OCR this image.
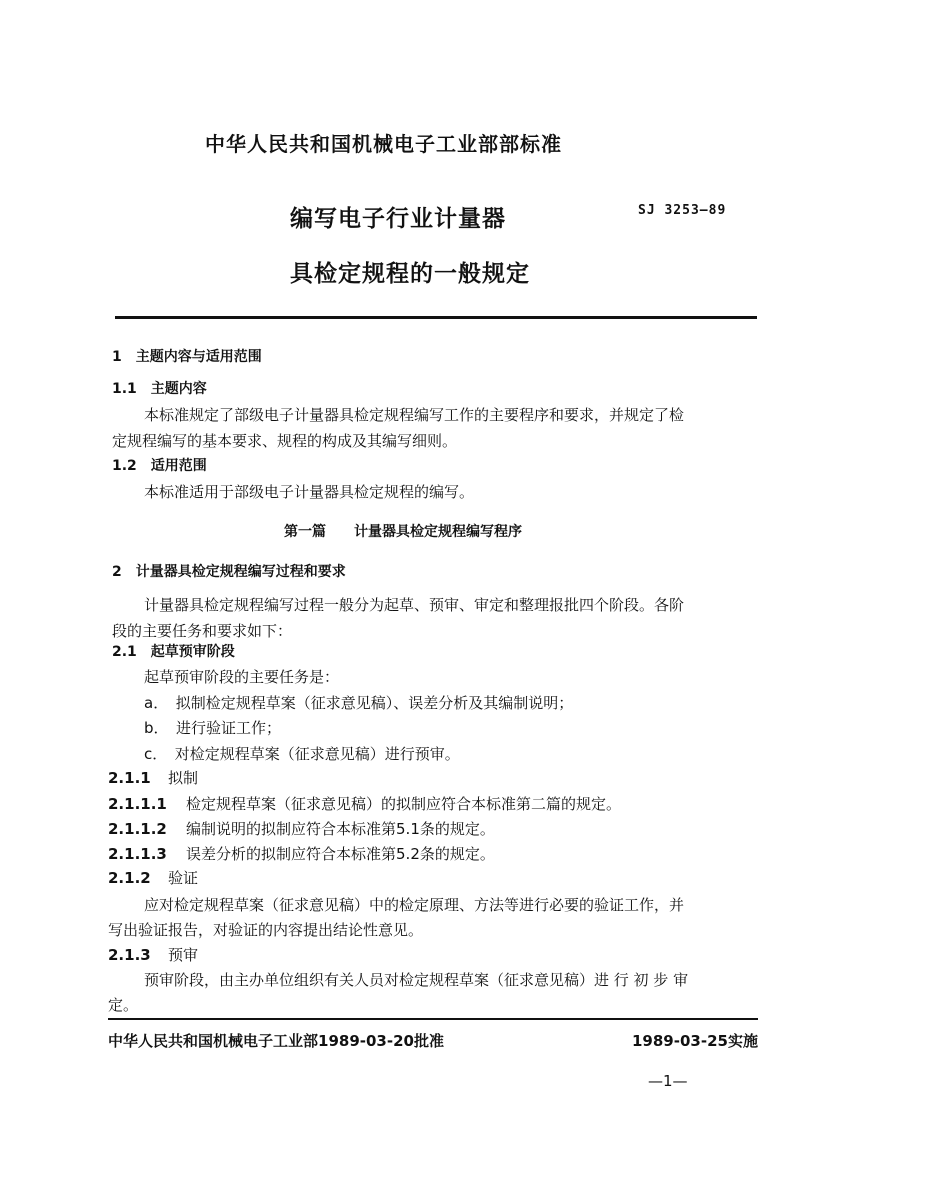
中华人民共和国机械电子工业部部标准
编写电子行业计量器	SJ 3253—89
具检定规程的一般规定
1　主题内容与适用范围
1.1　主题内容
本标准规定了部级电子计量器具检定规程编写工作的主要程序和要求，并规定了检
定规程编写的基本要求、规程的构成及其编写细则。
1.2　适用范围
本标准适用于部级电子计量器具检定规程的编写。
第一篇　　计量器具检定规程编写程序
2　计量器具检定规程编写过程和要求
计量器具检定规程编写过程一般分为起草、预审、审定和整理报批四个阶段。各阶
段的主要任务和要求如下：
2.1　起草预审阶段
起草预审阶段的主要任务是：
a．　拟制检定规程草案（征求意见稿）、误差分析及其编制说明；
b．　进行验证工作；
c．　对检定规程草案（征求意见稿）进行预审。
2.1.1 拟制
2.1.1.1 检定规程草案（征求意见稿）的拟制应符合本标准第二篇的规定。
2.1.1.2 编制说明的拟制应符合本标准第5.1条的规定。
2.1.1.3 误差分析的拟制应符合本标准第5.2条的规定。
2.1.2 验证
应对检定规程草案（征求意见稿）中的检定原理、方法等进行必要的验证工作，并
写出验证报告，对验证的内容提出结论性意见。
2.1.3 预审
预审阶段，由主办单位组织有关人员对检定规程草案（征求意见稿）进 行 初 步 审
定。
中华人民共和国机械电子工业部1989-03-20批准	1989-03-25实施
—1—
